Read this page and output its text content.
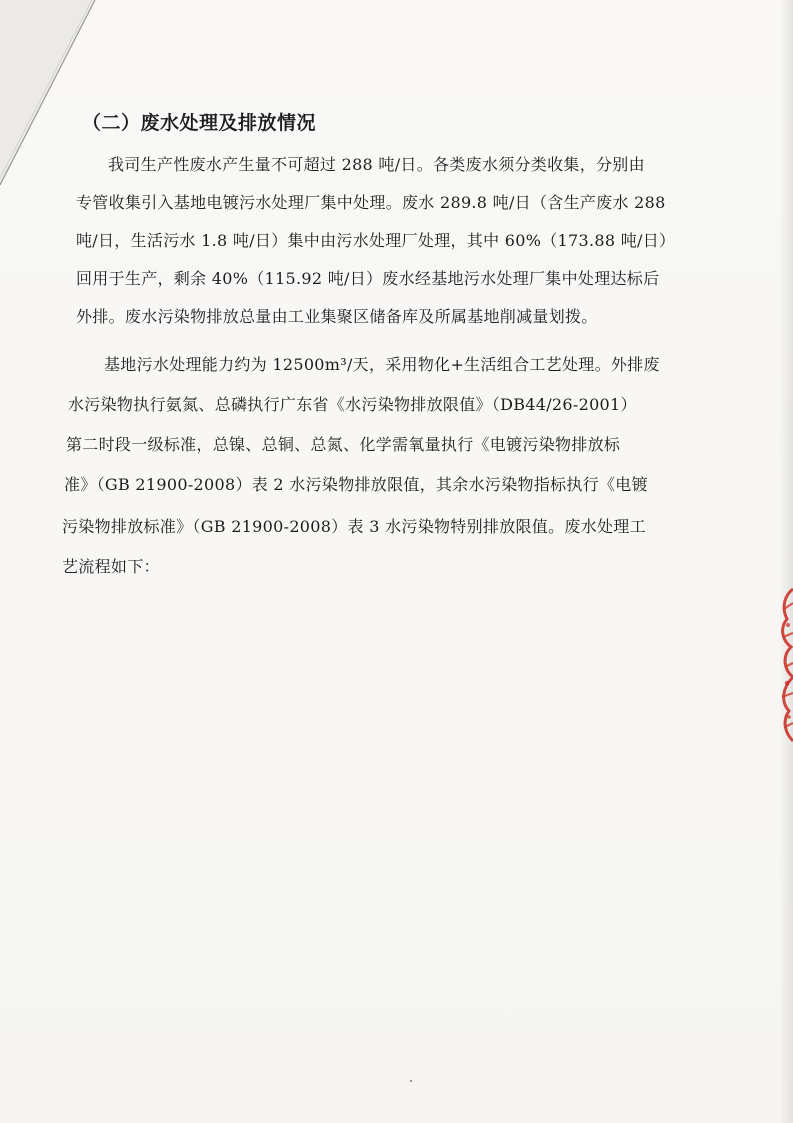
（二）废水处理及排放情况
我司生产性废水产生量不可超过 288 吨/日。各类废水须分类收集，分别由
专管收集引入基地电镀污水处理厂集中处理。废水 289.8 吨/日（含生产废水 288
吨/日，生活污水 1.8 吨/日）集中由污水处理厂处理，其中 60%（173.88 吨/日）
回用于生产，剩余 40%（115.92 吨/日）废水经基地污水处理厂集中处理达标后
外排。废水污染物排放总量由工业集聚区储备库及所属基地削减量划拨。
基地污水处理能力约为 12500m³/天，采用物化+生活组合工艺处理。外排废
水污染物执行氨氮、总磷执行广东省《水污染物排放限值》（DB44/26-2001）
第二时段一级标准，总镍、总铜、总氮、化学需氧量执行《电镀污染物排放标
准》（GB 21900-2008）表 2 水污染物排放限值，其余水污染物指标执行《电镀
污染物排放标准》（GB 21900-2008）表 3 水污染物特别排放限值。废水处理工
艺流程如下：
